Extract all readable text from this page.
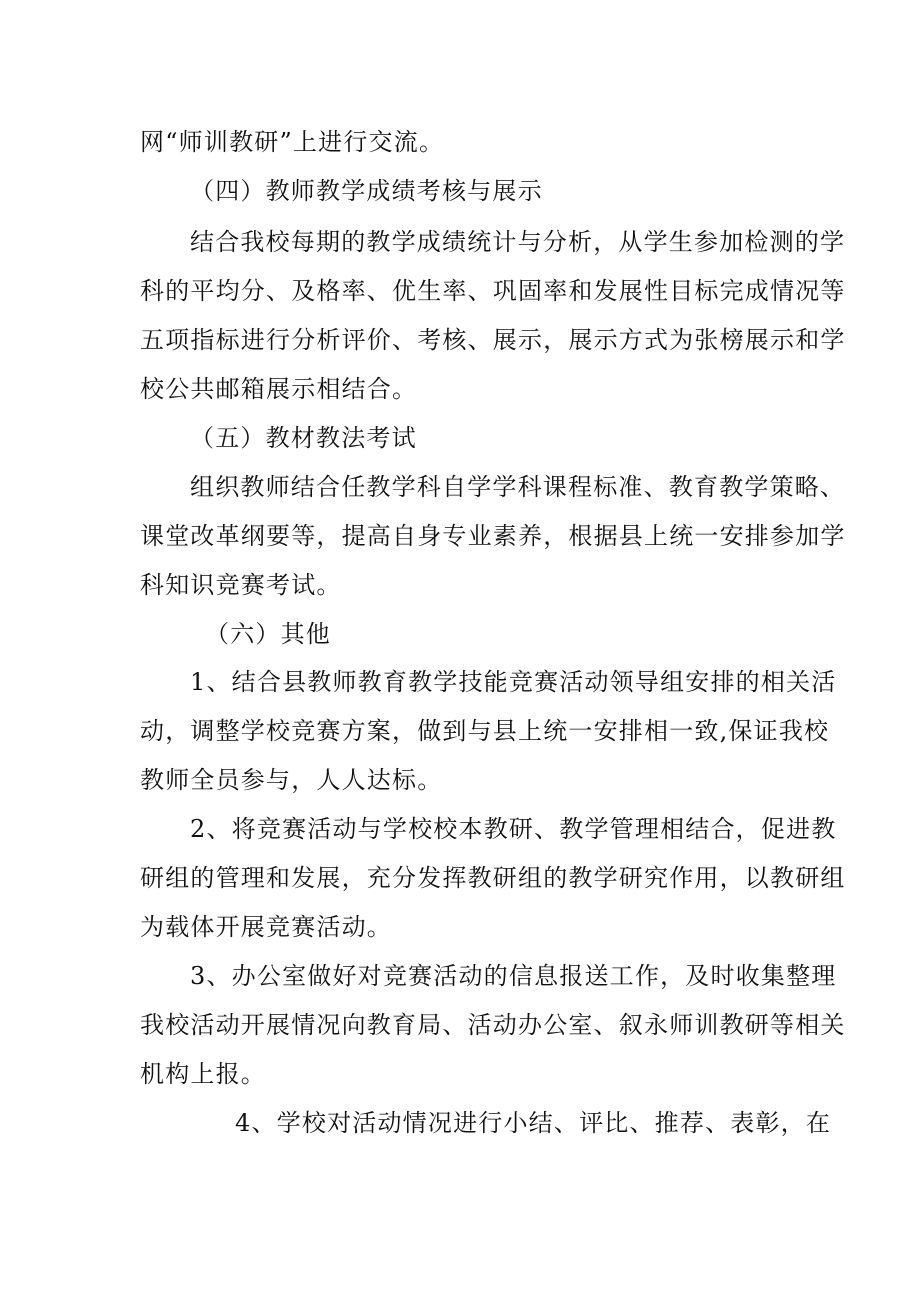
网“师训教研”上进行交流。
（四）教师教学成绩考核与展示
结合我校每期的教学成绩统计与分析，从学生参加检测的学
科的平均分、及格率、优生率、巩固率和发展性目标完成情况等
五项指标进行分析评价、考核、展示，展示方式为张榜展示和学
校公共邮箱展示相结合。
（五）教材教法考试
组织教师结合任教学科自学学科课程标准、教育教学策略、
课堂改革纲要等，提高自身专业素养，根据县上统一安排参加学
科知识竞赛考试。
（六）其他
1、结合县教师教育教学技能竞赛活动领导组安排的相关活
动，调整学校竞赛方案，做到与县上统一安排相一致,保证我校
教师全员参与，人人达标。
2、将竞赛活动与学校校本教研、教学管理相结合，促进教
研组的管理和发展，充分发挥教研组的教学研究作用，以教研组
为载体开展竞赛活动。
3、办公室做好对竞赛活动的信息报送工作，及时收集整理
我校活动开展情况向教育局、活动办公室、叙永师训教研等相关
机构上报。
4、学校对活动情况进行小结、评比、推荐、表彰，在
